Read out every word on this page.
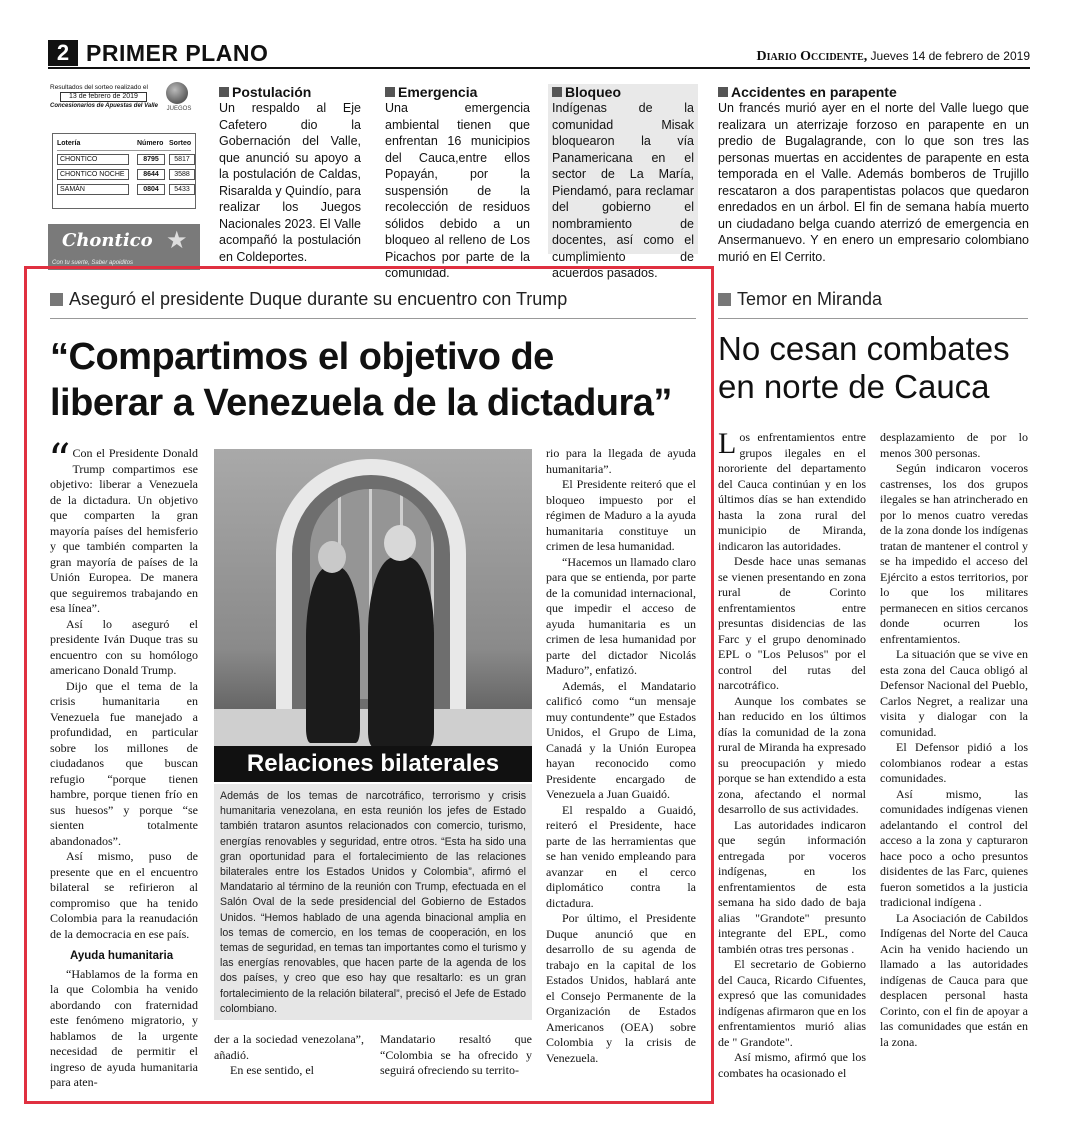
2 PRIMER PLANO	Diario Occidente, Jueves 14 de febrero de 2019
Resultados del sorteo realizado el
13 de febrero de 2019
Concesionarios de Apuestas del Valle	JUEGOS
Lotería	Número Sorteo
CHONTICO	8795	5817
CHONTICO NOCHE	8644	3588
SAMÁN	0804	5433
Chontico ★
Con tu suerte, Saber apoiditos
Postulación

Un respaldo al Eje Cafetero dio la Gobernación del Valle, que anunció su apoyo a la postulación de Caldas, Risaralda y Quindío, para realizar los Juegos Nacionales 2023. El Valle acompañó la postulación en Coldeportes.

Emergencia

Una emergencia ambiental tienen que enfrentan 16 municipios del Cauca,entre ellos Popayán, por la suspensión de la recolección de residuos sólidos debido a un bloqueo al relleno de Los Picachos por parte de la comunidad.

Bloqueo

Indígenas de la comunidad Misak bloquearon la vía Panamericana en el sector de La María, Piendamó, para reclamar del gobierno el nombramiento de docentes, así como el cumplimiento de acuerdos pasados.

Accidentes en parapente

Un francés murió ayer en el norte del Valle luego que realizara un aterrizaje forzoso en parapente en un predio de Bugalagrande, con lo que son tres las personas muertas en accidentes de parapente en esta temporada en el Valle. Además bomberos de Trujillo rescataron a dos parapentistas polacos que quedaron enredados en un árbol. El fin de semana había muerto un ciudadano belga cuando aterrizó de emergencia en Ansermanuevo. Y en enero un empresario colombiano murió en El Cerrito.

Aseguró el presidente Duque durante su encuentro con Trump
“Compartimos el objetivo de
liberar a Venezuela de la dictadura”

“ Con el Presidente Donald Trump compartimos ese objetivo: liberar a Venezuela de la dictadura. Un objetivo que comparten la gran mayoría países del hemisferio y que también comparten la gran mayoría de países de la Unión Europea. De manera que seguiremos trabajando en esa línea”.

Así lo aseguró el presidente Iván Duque tras su encuentro con su homólogo americano Donald Trump.

Dijo que el tema de la crisis humanitaria en Venezuela fue manejado a profundidad, en particular sobre los millones de ciudadanos que buscan refugio “porque tienen hambre, porque tienen frío en sus huesos” y porque “se sienten totalmente abandonados”.

Así mismo, puso de presente que en el encuentro bilateral se refirieron al compromiso que ha tenido Colombia para la reanudación de la democracia en ese país.

Ayuda humanitaria

“Hablamos de la forma en la que Colombia ha venido abordando con fraternidad este fenómeno migratorio, y hablamos de la urgente necesidad de permitir el ingreso de ayuda humanitaria para aten-

Relaciones bilaterales
Además de los temas de narcotráfico, terrorismo y crisis humanitaria venezolana, en esta reunión los jefes de Estado también trataron asuntos relacionados con comercio, turismo, energías renovables y seguridad, entre otros. “Esta ha sido una gran oportunidad para el fortalecimiento de las relaciones bilaterales entre los Estados Unidos y Colombia”, afirmó el Mandatario al término de la reunión con Trump, efectuada en el Salón Oval de la sede presidencial del Gobierno de Estados Unidos. “Hemos hablado de una agenda binacional amplia en los temas de comercio, en los temas de cooperación, en los temas de seguridad, en temas tan importantes como el turismo y las energías renovables, que hacen parte de la agenda de los dos países, y creo que eso hay que resaltarlo: es un gran fortalecimiento de la relación bilateral”, precisó el Jefe de Estado colombiano.

der a la sociedad venezolana”, añadió.

En ese sentido, el

Mandatario resaltó que “Colombia se ha ofrecido y seguirá ofreciendo su territo-

rio para la llegada de ayuda humanitaria”.

El Presidente reiteró que el bloqueo impuesto por el régimen de Maduro a la ayuda humanitaria constituye un crimen de lesa humanidad.

“Hacemos un llamado claro para que se entienda, por parte de la comunidad internacional, que impedir el acceso de ayuda humanitaria es un crimen de lesa humanidad por parte del dictador Nicolás Maduro”, enfatizó.

Además, el Mandatario calificó como “un mensaje muy contundente” que Estados Unidos, el Grupo de Lima, Canadá y la Unión Europea hayan reconocido como Presidente encargado de Venezuela a Juan Guaidó.

El respaldo a Guaidó, reiteró el Presidente, hace parte de las herramientas que se han venido empleando para avanzar en el cerco diplomático contra la dictadura.

Por último, el Presidente Duque anunció que en desarrollo de su agenda de trabajo en la capital de los Estados Unidos, hablará ante el Consejo Permanente de la Organización de Estados Americanos (OEA) sobre Colombia y la crisis de Venezuela.

Temor en Miranda
No cesan combates
en norte de Cauca

Los enfrentamientos entre grupos ilegales en el nororiente del departamento del Cauca continúan y en los últimos días se han extendido hasta la zona rural del municipio de Miranda, indicaron las autoridades.

Desde hace unas semanas se vienen presentando en zona rural de Corinto enfrentamientos entre presuntas disidencias de las Farc y el grupo denominado EPL o "Los Pelusos" por el control del rutas del narcotráfico.

Aunque los combates se han reducido en los últimos días la comunidad de la zona rural de Miranda ha expresado su preocupación y miedo porque se han extendido a esta zona, afectando el normal desarrollo de sus actividades.

Las autoridades indicaron que según información entregada por voceros indígenas, en los enfrentamientos de esta semana ha sido dado de baja alias "Grandote" presunto integrante del EPL, como también otras tres personas .

El secretario de Gobierno del Cauca, Ricardo Cifuentes, expresó que las comunidades indígenas afirmaron que en los enfrentamientos murió alias de " Grandote".

Así mismo, afirmó que los combates ha ocasionado el

desplazamiento de por lo menos 300 personas.

Según indicaron voceros castrenses, los dos grupos ilegales se han atrincherado en por lo menos cuatro veredas de la zona donde los indígenas tratan de mantener el control y se ha impedido el acceso del Ejército a estos territorios, por lo que los militares permanecen en sitios cercanos donde ocurren los enfrentamientos.

La situación que se vive en esta zona del Cauca obligó al Defensor Nacional del Pueblo, Carlos Negret, a realizar una visita y dialogar con la comunidad.

El Defensor pidió a los colombianos rodear a estas comunidades.

Así mismo, las comunidades indígenas vienen adelantando el control del acceso a la zona y capturaron hace poco a ocho presuntos disidentes de las Farc, quienes fueron sometidos a la justicia tradicional indígena .

La Asociación de Cabildos Indígenas del Norte del Cauca Acin ha venido haciendo un llamado a las autoridades indígenas de Cauca para que desplacen personal hasta Corinto, con el fin de apoyar a las comunidades que están en la zona.
